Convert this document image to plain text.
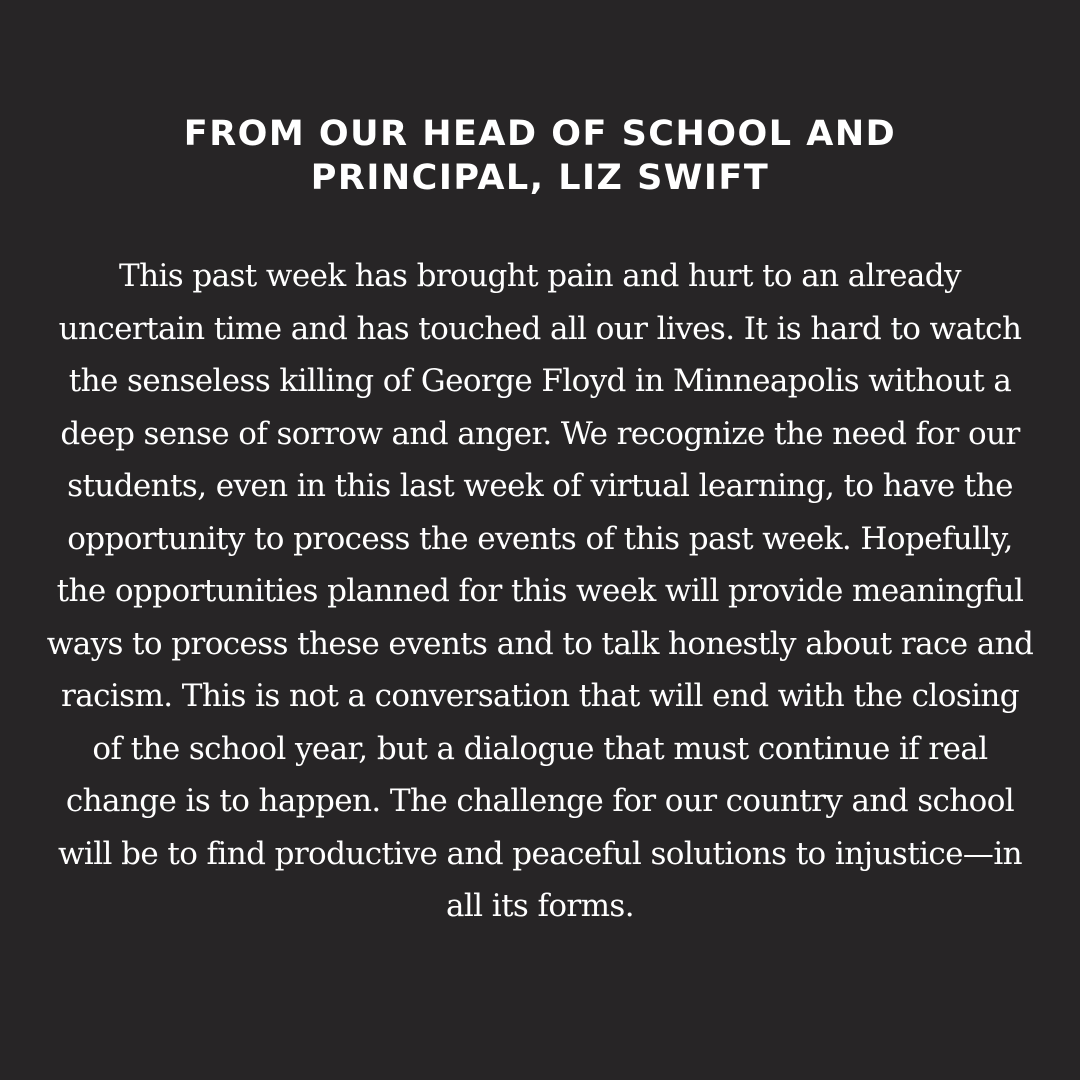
FROM OUR HEAD OF SCHOOL AND
PRINCIPAL, LIZ SWIFT

This past week has brought pain and hurt to an already
uncertain time and has touched all our lives. It is hard to watch
the senseless killing of George Floyd in Minneapolis without a
deep sense of sorrow and anger. We recognize the need for our
students, even in this last week of virtual learning, to have the
opportunity to process the events of this past week. Hopefully,
the opportunities planned for this week will provide meaningful
ways to process these events and to talk honestly about race and
racism. This is not a conversation that will end with the closing
of the school year, but a dialogue that must continue if real
change is to happen. The challenge for our country and school
will be to find productive and peaceful solutions to injustice—in
all its forms.
